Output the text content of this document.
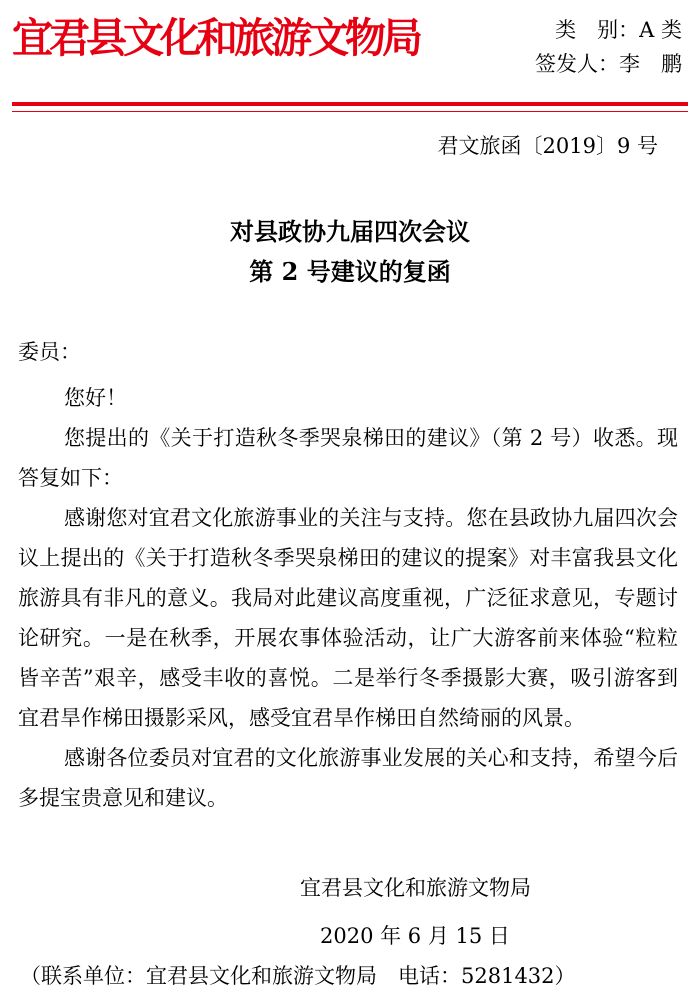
宜君县文化和旅游文物局	类　别：A 类
签发人：李　鹏
君文旅函〔2019〕9 号
对县政协九届四次会议
第 2 号建议的复函

委员：

您好！

您提出的《关于打造秋冬季哭泉梯田的建议》（第 2 号）收悉。现答复如下：

感谢您对宜君文化旅游事业的关注与支持。您在县政协九届四次会议上提出的《关于打造秋冬季哭泉梯田的建议的提案》对丰富我县文化旅游具有非凡的意义。我局对此建议高度重视，广泛征求意见，专题讨论研究。一是在秋季，开展农事体验活动，让广大游客前来体验“粒粒皆辛苦”艰辛，感受丰收的喜悦。二是举行冬季摄影大赛，吸引游客到宜君旱作梯田摄影采风，感受宜君旱作梯田自然绮丽的风景。

感谢各位委员对宜君的文化旅游事业发展的关心和支持，希望今后多提宝贵意见和建议。

宜君县文化和旅游文物局
2020 年 6 月 15 日
（联系单位：宜君县文化和旅游文物局　电话：5281432）
